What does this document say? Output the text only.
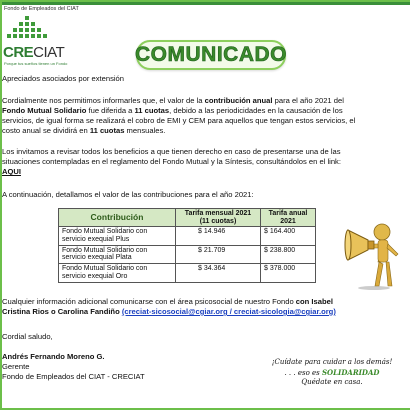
Fondo de Empleados del CIAT
CRECIAT
Porque tus sueños tienen un Fondo	COMUNICADO
Apreciados asociados por extensión
Cordialmente nos permitimos informarles que, el valor de la contribución anual para el año 2021 del
Fondo Mutual Solidario fue diferida a 11 cuotas, debido a las periodicidades en la causación de los
servicios, de igual forma se realizará el cobro de EMI y CEM para aquellos que tengan estos servicios, el
costo anual se dividirá en 11 cuotas mensuales.
Los invitamos a revisar todos los beneficios a que tienen derecho en caso de presentarse una de las
situaciones contempladas en el reglamento del Fondo Mutual y la Síntesis, consultándolos en el link:
AQUI
A continuación, detallamos el valor de las contribuciones para el año 2021:
Contribución	Tarifa mensual 2021 (11 cuotas)	Tarifa anual 2021
Fondo Mutual Solidario con servicio exequial Plus	$ 14.946	$ 164.400
Fondo Mutual Solidario con servicio exequial Plata	$ 21.709	$ 238.800
Fondo Mutual Solidario con servicio exequial Oro	$ 34.364	$ 378.000
Cualquier información adicional comunicarse con el área psicosocial de nuestro Fondo con Isabel
Cristina Rios o Carolina Fandiño (creciat-sicosocial@cgiar.org / creciat-sicologia@cgiar.org)
Cordial saludo,
Andrés Fernando Moreno G.
Gerente
Fondo de Empleados del CIAT - CRECIAT
¡Cuídate para cuidar a los demás!
. . . eso es SOLIDARIDAD
Quédate en casa.
